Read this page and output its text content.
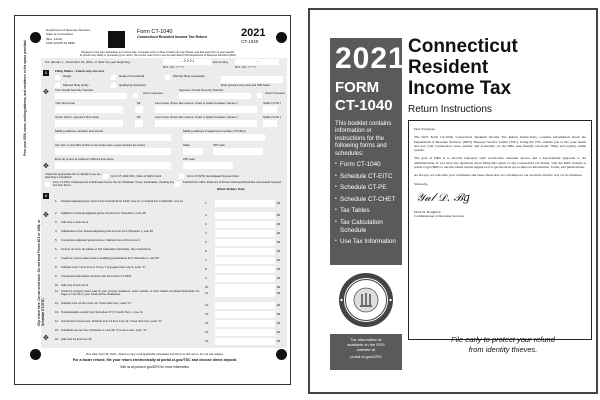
Department of Revenue Services
State of Connecticut
(Rev. 12/21)
1040 1221W 01 9999
Form CT-1040
Connecticut Resident Income Tax Return	2021
CT-1040
Taxpayers must sign declaration on reverse side. Complete return in blue or black ink only. Please note that each form is year specific.
To prevent any delay in processing your return, the correct year's form must be submitted to the Department of Revenue Services (DRS).
For January 1 - December 31, 2021, or other tax year beginning	- - 2 0 2 1
M M - D D - Y Y Y Y
and ending	- -
M M - D D - Y Y Y Y
1	Filing Status - Check only one box.
Single	Head of household	Married filing separately
Married filing jointly	Qualifying widow(er)	Enter spouse's name here and SSN below.
Your Social Security Number
Check if deceased
Spouse's Social Security Number
Check if deceased
Your first name	MI	Last name (If two last names, insert a space between names.)	Suffix (Jr./Sr.)
If joint return, spouse's first name	MI	Last name (If two last names, insert a space between names.)	Suffix (Jr./Sr.)
Mailing address (number and street)	Mailing address 2 (apartment number, PO Box)
City, town, or post office (If there is two words, leave a space between the words.)	State	ZIP code
Enter city or town of residence if different from above.	ZIP code
✥
✥
Print your SSN, name, mailing address, and residence in the space provided.
Check the appropriate box to identify if you are attaching a completed:	Form CT-1040 CRC, Claim of Right Credit	Form CT-8379, Nonobligated Spouse Claim
Form CT-2210, Underpayment of Estimated Income Tax by Individuals, Trusts, and Estates, checking any box from Part 1.
Federal Form 1310, Statement of Person Claiming Refund Due a Deceased Taxpayer
Whole Dollars Only
2
✥
✥
Clip check here. Do not send cash. Do not send Forms W-2 or 1099, or Schedule CT-EITC.
1. Federal adjusted gross income from federal Form 1040, Line 11, or federal Form 1040-SR, Line 11	1.	.00
2. Additions to federal adjusted gross income from Schedule 1, Line 38	2.	.00
3. Add Line 1 and Line 2.	3.	.00
4. Subtractions from federal adjusted gross income from Schedule 1, Line 50	4.	.00
5. Connecticut adjusted gross income: Subtract Line 4 from Line 3.	5.	.00
6. Income tax from tax tables or Tax Calculation Schedule. See instructions.	6.	.00
7. Credit for income taxes paid to qualifying jurisdictions from Schedule 2, Line 59	7.	.00
8. Subtract Line 7 from Line 6. If Line 7 is greater than Line 6, enter "0."	8.	.00
9. Connecticut alternative minimum tax from Form CT-6251	9.	.00
10. Add Line 8 and Line 9.	10.	.00
11. Credit for property taxes paid on your primary residence, motor vehicle, or both. Attach completed Schedule 3 in Page 4, Line 68 or your credit will be disallowed.	11.	.00
12. Subtract Line 11 from Line 10. If less than zero, enter "0."	12.	.00
13. Total allowable credits from Schedule CT-IT Credit, Part 1, Line 11	13.	.00
14. Connecticut income tax: Subtract Line 13 from Line 12. If less than zero, enter "0."	14.	.00
15. Individual use tax from Schedule 4, Line 69. If no tax is due, enter "0."	15.	.00
16. Add Line 14 and Line 15.	16.	.00
Due date: April 18, 2022 - Attach a copy of all applicable schedules and forms to this return. Do not use staples.
For a faster refund, file your return electronically at portal.ct.gov/TSC and choose direct deposit.
Visit us at portal.ct.gov/DRS for more information.
2021
FORM
CT-1040
This booklet contains information or instructions for the following forms and schedules:
• Form CT-1040
• Schedule CT-EITC
• Schedule CT-PE
• Schedule CT-CHET
• Tax Tables
• Tax Calculation Schedule
• Use Tax Information
Connecticut
Resident
Income Tax
Return Instructions

Dear Taxpayer,

The 2021 Form CT-1040, Connecticut Resident Income Tax Return Instructions, contains information about the Department of Revenue Services' (DRS) Taxpayer Service Center (TSC). Using the TSC enables you to file your return and pay your Connecticut taxes quickly and accurately on the DRS user-friendly electronic filing and paying online system.

The goal of DRS is to provide taxpayers with world-class customer service and a user-friendly approach to tax administration. If you have any questions about filing this return or any Connecticut tax matter, visit the DRS website at portal.ct.gov/DRS to use the robust search engine tool to get the most up-to-date tax information, forms, and publications.

As always, we welcome your comments and ideas about how we can improve our products and the way we do business.

Sincerely,

𝒴𝒶𝓁 𝒟. ℬ𝑔
Mark D. Boughton
Commissioner of Revenue Services
Tax information is
available on the DRS
website at
portal.ct.gov/DRS
File early to protect your refund
from identity thieves.
